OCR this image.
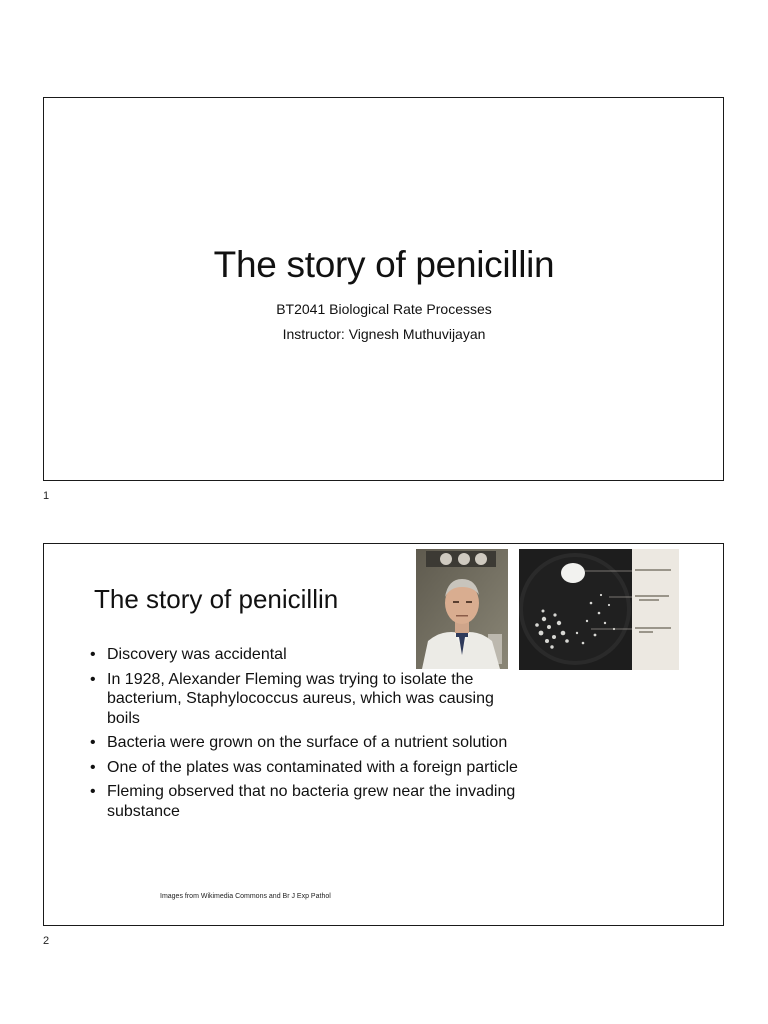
The story of penicillin
BT2041 Biological Rate Processes
Instructor: Vignesh Muthuvijayan
1
The story of penicillin
• Discovery was accidental
• In 1928, Alexander Fleming was trying to isolate the bacterium, Staphylococcus aureus, which was causing boils
• Bacteria were grown on the surface of a nutrient solution
• One of the plates was contaminated with a foreign particle
• Fleming observed that no bacteria grew near the invading substance
Images from Wikimedia Commons and Br J Exp Pathol
2
